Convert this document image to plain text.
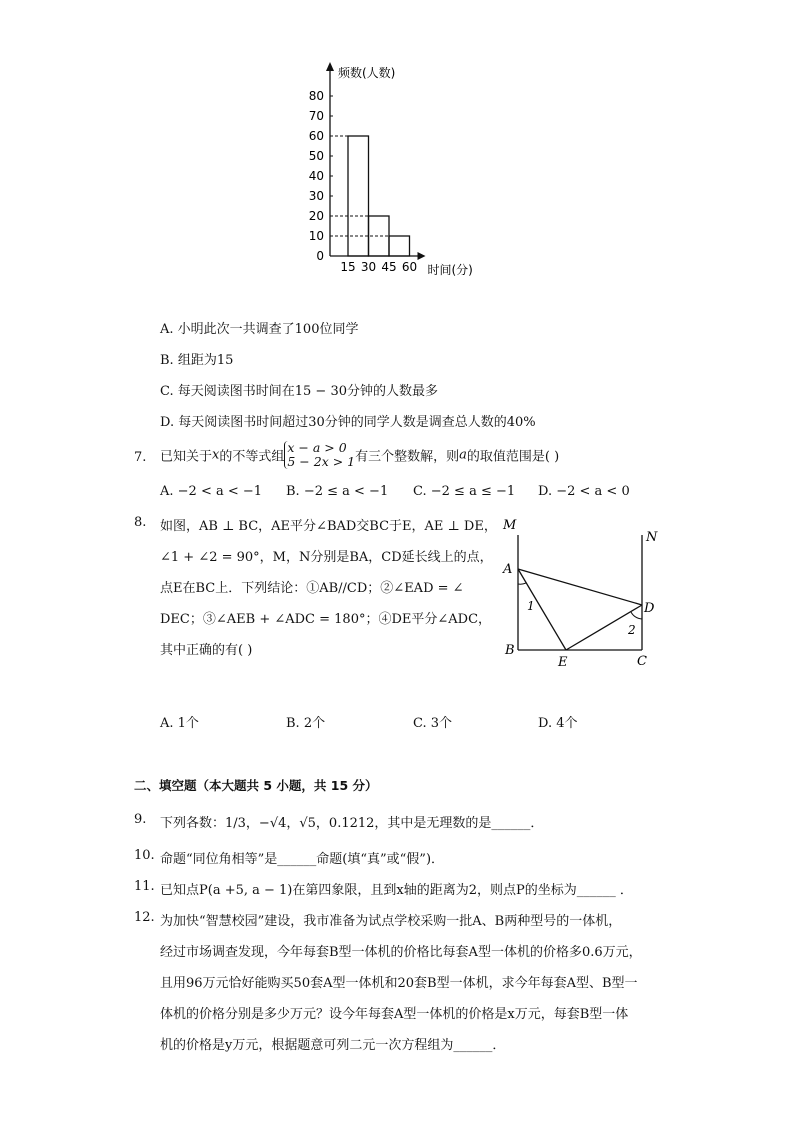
0
10
20
30
40
50
60
70
80
15 30 45 60
频数(人数)
时间(分)
A. 小明此次一共调查了100位同学
B. 组距为15
C. 每天阅读图书时间在15 − 30分钟的人数最多
D. 每天阅读图书时间超过30分钟的同学人数是调查总人数的40%
7. 已知关于x的不等式组
x − a > 0
5 − 2x > 1 有三个整数解，则a的取值范围是( )
A. −2 < a < −1 B. −2 ≤ a < −1 C. −2 ≤ a ≤ −1 D. −2 < a < 0
8. 如图，AB ⊥ BC，AE平分∠BAD交BC于E，AE ⊥ DE，
∠1 + ∠2 = 90°，M，N分别是BA，CD延长线上的点，
点E在BC上．下列结论：①AB//CD；②∠EAD = ∠
DEC；③∠AEB + ∠ADC = 180°；④DE平分∠ADC，
其中正确的有( )
M
N
A
B
C
D
E
1
2
A. 1个	B. 2个	C. 3个	D. 4个
二、填空题（本大题共 5 小题，共 15 分）
9. 下列各数：1/3，−√4，√5，0.1212，其中是无理数的是______．
10. 命题“同位角相等”是______命题(填“真”或“假”)．
11. 已知点P(a +5, a − 1)在第四象限，且到x轴的距离为2，则点P的坐标为______ ．
12. 为加快“智慧校园”建设，我市准备为试点学校采购一批A、B两种型号的一体机，
经过市场调查发现，今年每套B型一体机的价格比每套A型一体机的价格多0.6万元，
且用96万元恰好能购买50套A型一体机和20套B型一体机，求今年每套A型、B型一
体机的价格分别是多少万元？设今年每套A型一体机的价格是x万元，每套B型一体
机的价格是y万元，根据题意可列二元一次方程组为______．
